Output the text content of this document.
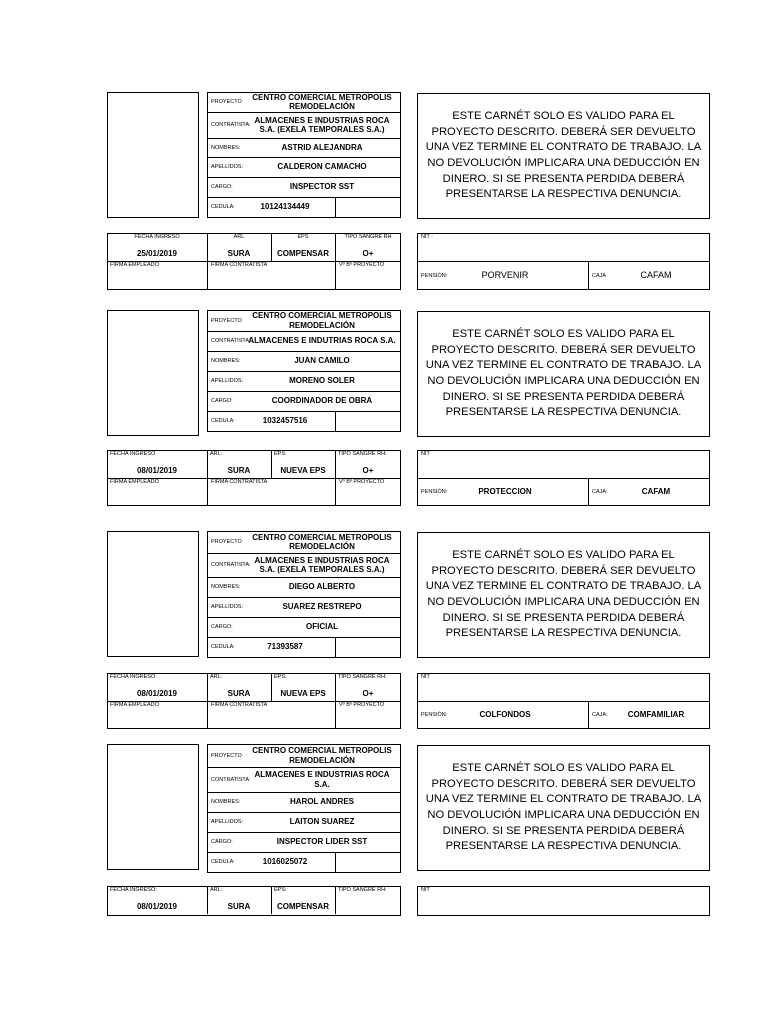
PROYECTO
CENTRO COMERCIAL METROPOLIS REMODELACIÓN
CONTRATISTA:
ALMACENES E INDUSTRIAS ROCA S.A. (EXELA TEMPORALES S.A.)
NOMBRES:	ASTRID ALEJANDRA
APELLIDOS:	CALDERON CAMACHO
CARGO:	INSPECTOR SST
CEDULA:	10124134449
ESTE CARNÉT SOLO ES VALIDO PARA EL PROYECTO DESCRITO. DEBERÁ SER DEVUELTO UNA VEZ TERMINE EL CONTRATO DE TRABAJO. LA NO DEVOLUCIÓN IMPLICARA UNA DEDUCCIÓN EN DINERO. SI SE PRESENTA PERDIDA DEBERÁ PRESENTARSE LA RESPECTIVA DENUNCIA.
FIRMA EMPLEADO	FIRMA CONTRATISTA	Vº Bº PROYECTO
FECHA INGRESO
25/01/2019
ARL
SURA
EPS
COMPENSAR
TIPO SANGRE RH
O+
NIT :
PENSIÓN:	PORVENIR	CAJA	CAFAM
PROYECTO
CENTRO COMERCIAL METROPOLIS REMODELACIÓN
CONTRATISTA:
ALMACENES E INDUTRIAS ROCA S.A.
NOMBRES:	JUAN CAMILO
APELLIDOS:	MORENO SOLER
CARGO:	COORDINADOR DE OBRA
CEDULA:	1032457516
ESTE CARNÉT SOLO ES VALIDO PARA EL PROYECTO DESCRITO. DEBERÁ SER DEVUELTO UNA VEZ TERMINE EL CONTRATO DE TRABAJO. LA NO DEVOLUCIÓN IMPLICARA UNA DEDUCCIÓN EN DINERO. SI SE PRESENTA PERDIDA DEBERÁ PRESENTARSE LA RESPECTIVA DENUNCIA.
FIRMA EMPLEADO	FIRMA CONTRATISTA	Vº Bº PROYECTO
FECHA INGRESO
08/01/2019
ARL:
SURA
EPS:
NUEVA EPS
TIPO SANGRE RH:
O+
NIT
PENSIÓN:	PROTECCION	CAJA:	CAFAM
PROYECTO
CENTRO COMERCIAL METROPOLIS REMODELACIÓN
CONTRATISTA:
ALMACENES E INDUSTRIAS ROCA S.A. (EXELA TEMPORALES S.A.)
NOMBRES:	DIEGO ALBERTO
APELLIDOS:	SUAREZ RESTREPO
CARGO:	OFICIAL
CEDULA:	71393587
ESTE CARNÉT SOLO ES VALIDO PARA EL PROYECTO DESCRITO. DEBERÁ SER DEVUELTO UNA VEZ TERMINE EL CONTRATO DE TRABAJO. LA NO DEVOLUCIÓN IMPLICARA UNA DEDUCCIÓN EN DINERO. SI SE PRESENTA PERDIDA DEBERÁ PRESENTARSE LA RESPECTIVA DENUNCIA.
FIRMA EMPLEADO	FIRMA CONTRATISTA	Vº Bº PROYECTO
FECHA INGRESO:
08/01/2019
ARL:
SURA
EPS:
NUEVA EPS
TIPO SANGRE RH:
O+
NIT
PENSIÓN:	COLFONDOS	CAJA:	COMFAMILIAR
PROYECTO
CENTRO COMERCIAL METROPOLIS REMODELACIÓN
CONTRATISTA:
ALMACENES E INDUSTRIAS ROCA S.A.
NOMBRES:	HAROL ANDRES
APELLIDOS:	LAITON SUAREZ
CARGO:	INSPECTOR LIDER SST
CEDULA:	1016025072
ESTE CARNÉT SOLO ES VALIDO PARA EL PROYECTO DESCRITO. DEBERÁ SER DEVUELTO UNA VEZ TERMINE EL CONTRATO DE TRABAJO. LA NO DEVOLUCIÓN IMPLICARA UNA DEDUCCIÓN EN DINERO. SI SE PRESENTA PERDIDA DEBERÁ PRESENTARSE LA RESPECTIVA DENUNCIA.
FECHA INGRESO:
08/01/2019
ARL:
SURA
EPS:
COMPENSAR
TIPO SANGRE RH:	NIT
